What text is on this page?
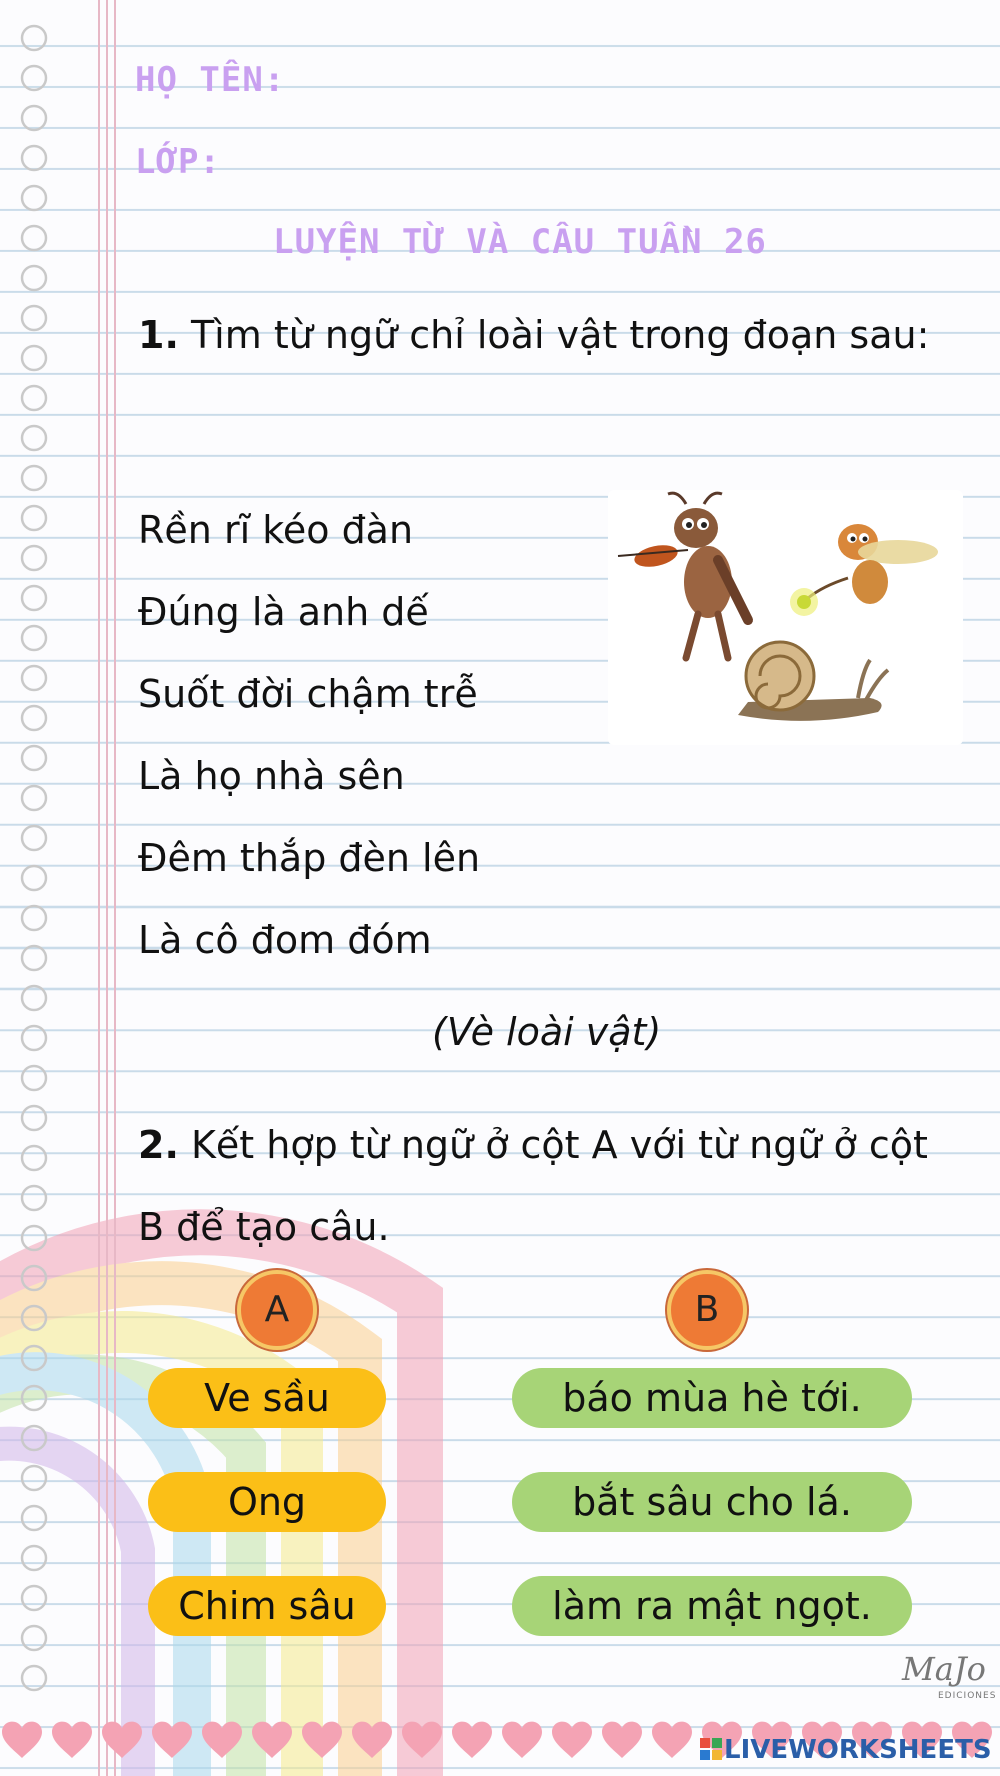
HỌ TÊN:
LỚP:
LUYỆN TỪ VÀ CÂU TUẦN 26
1. Tìm từ ngữ chỉ loài vật trong đoạn sau:
Rền rĩ kéo đàn
Đúng là anh dế
Suốt đời chậm trễ
Là họ nhà sên
Đêm thắp đèn lên
Là cô đom đóm
(Vè loài vật)
2. Kết hợp từ ngữ ở cột A với từ ngữ ở cột B để tạo câu.
A	B
Ve sầu
Ong
Chim sâu
báo mùa hè tới.
bắt sâu cho lá.
làm ra mật ngọt.
MaJo
EDICIONES
LIVEWORKSHEETS
